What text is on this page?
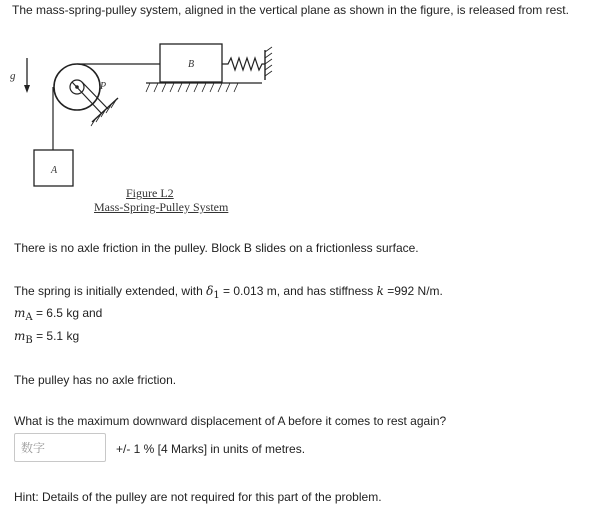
The mass-spring-pulley system, aligned in the vertical plane as shown in the figure, is released from rest.
g
P
A
B
Figure L2
Mass-Spring-Pulley System
There is no axle friction in the pulley. Block B slides on a frictionless surface.
The spring is initially extended, with $\delta_1 = 0.013$ m, and has stiffness k =992 N/m.
$m_A = 6.5$ kg and
$m_B = 5.1$ kg
The pulley has no axle friction.
What is the maximum downward displacement of A before it comes to rest again?
数字
+/- 1 % [4 Marks] in units of metres.
Hint: Details of the pulley are not required for this part of the problem.
